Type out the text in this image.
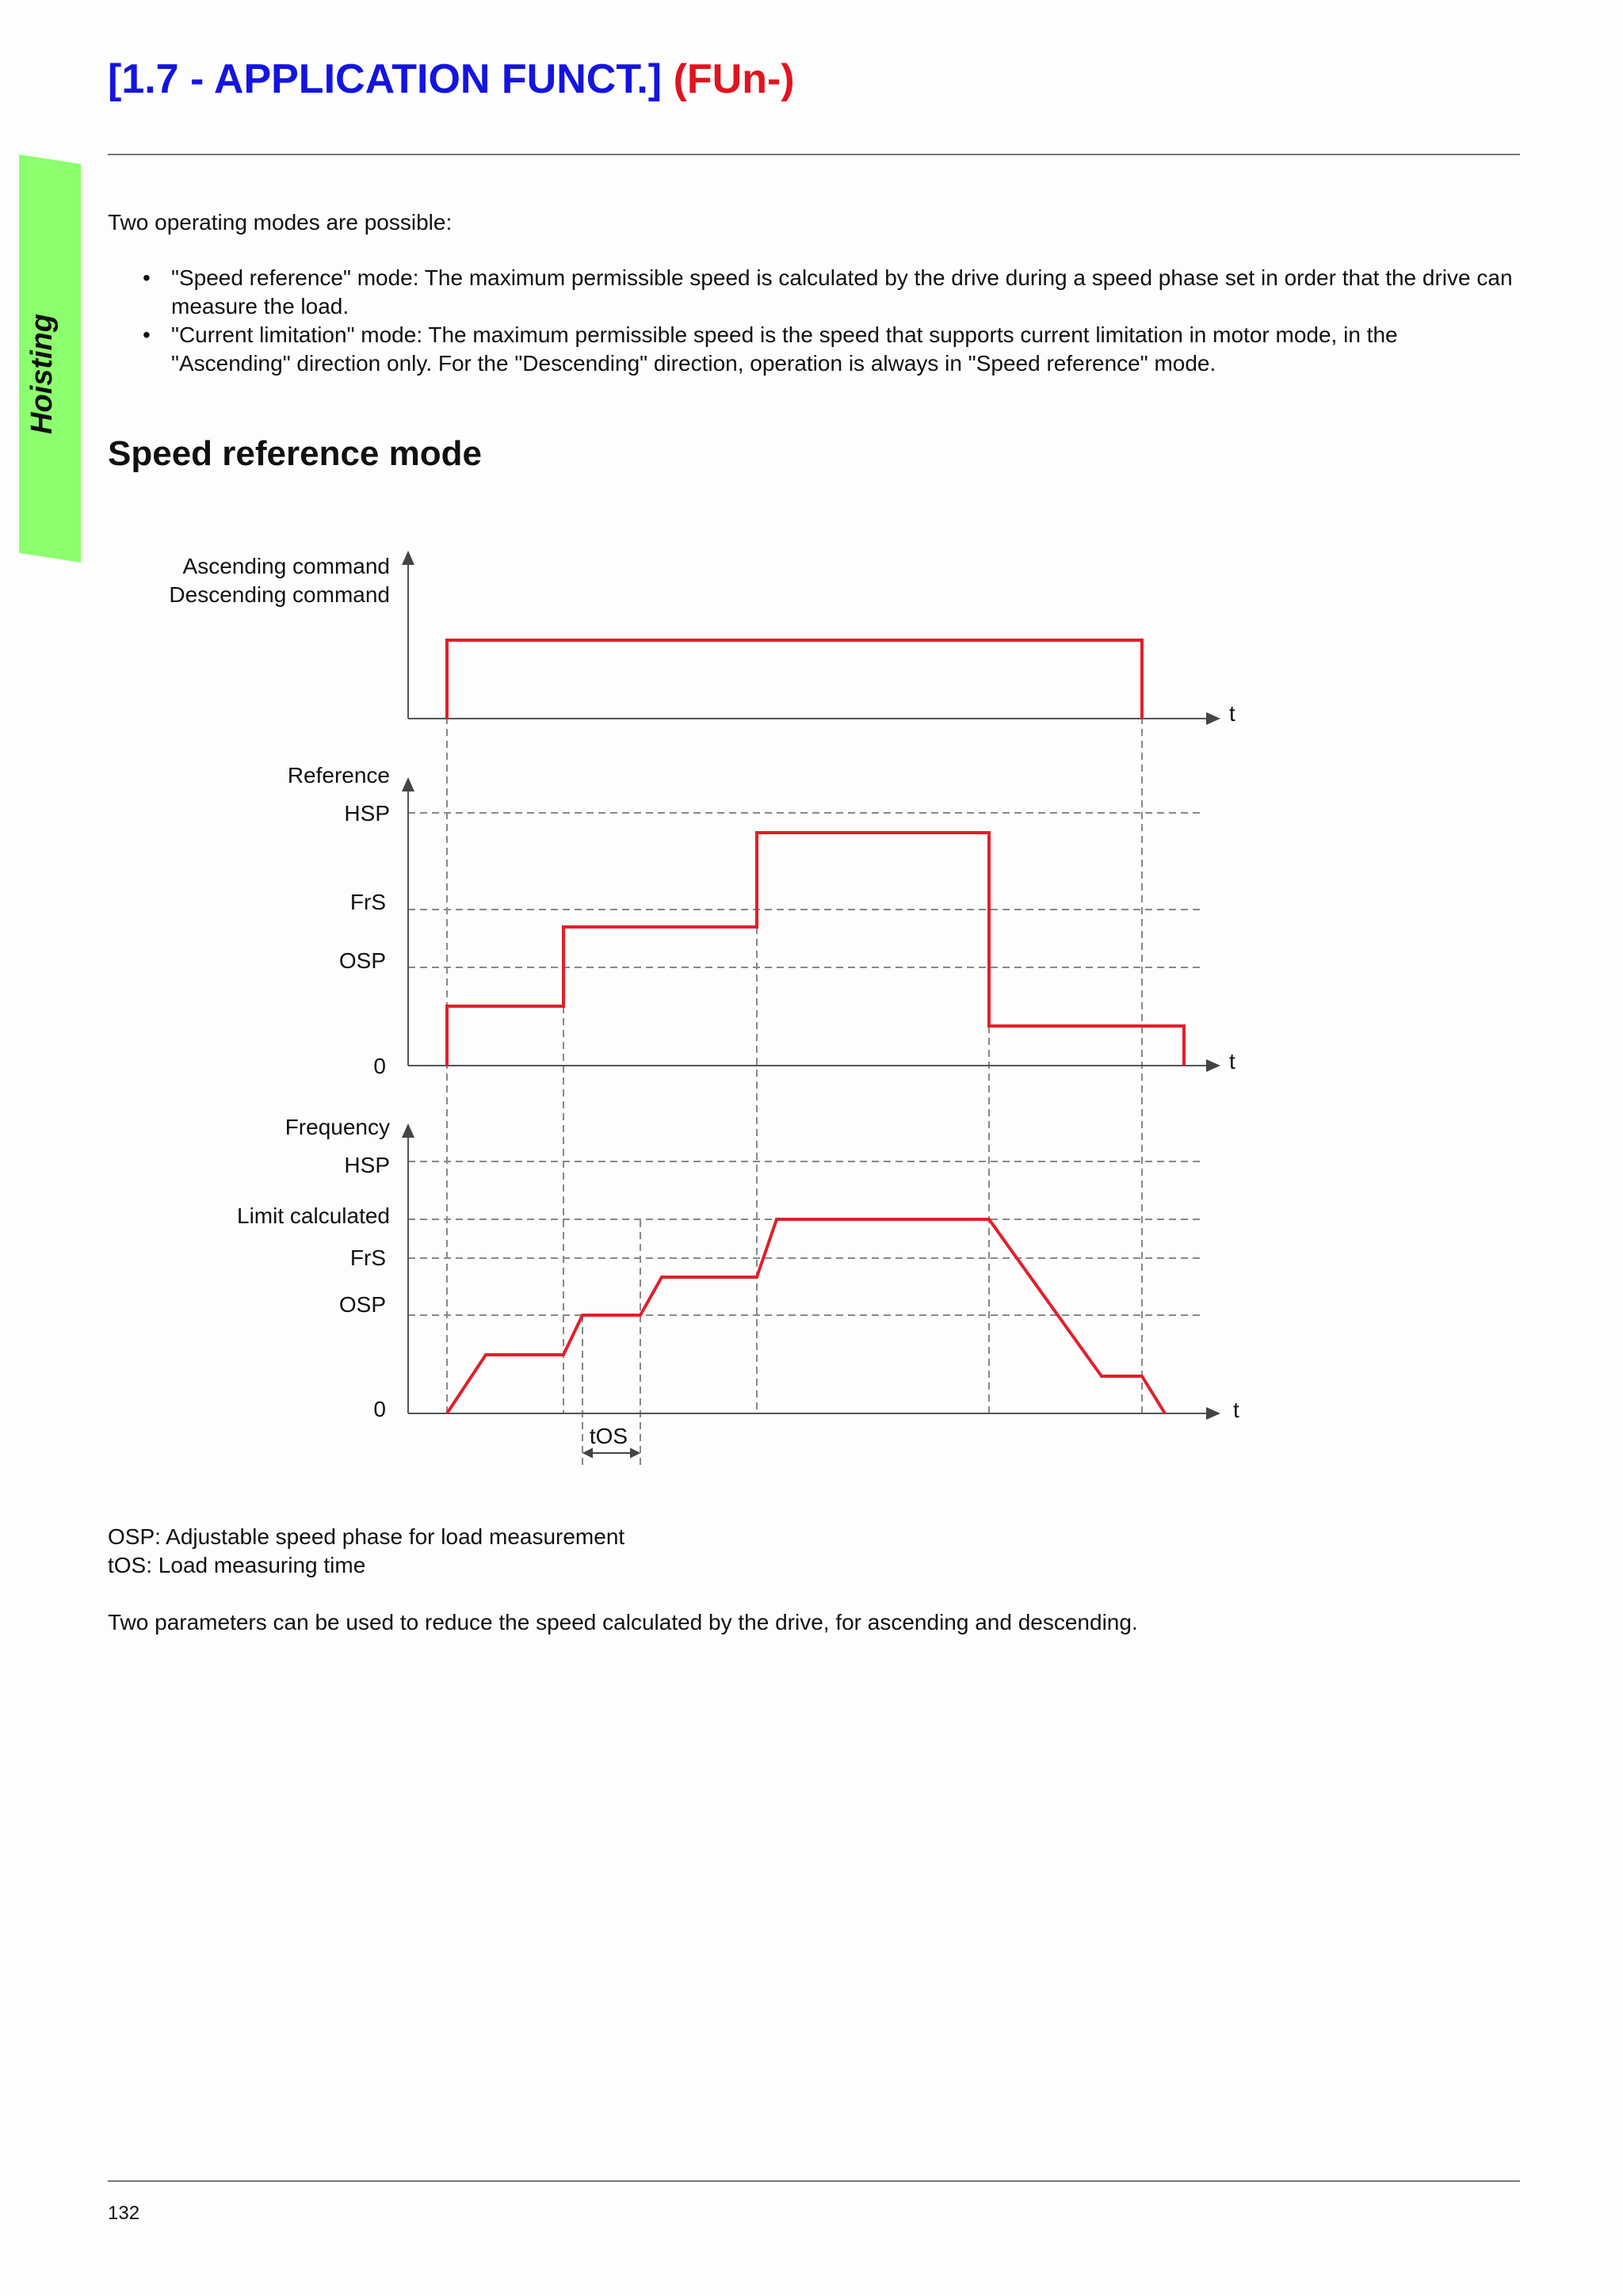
[1.7 - APPLICATION FUNCT.] (FUn-)
Hoisting
Two operating modes are possible:
• "Speed reference" mode: The maximum permissible speed is calculated by the drive during a speed phase set in order that the drive can measure the load.
• "Current limitation" mode: The maximum permissible speed is the speed that supports current limitation in motor mode, in the "Ascending" direction only. For the "Descending" direction, operation is always in "Speed reference" mode.
Speed reference mode
Ascending command
Descending command
t
Reference
HSP
FrS
OSP
0	t
Frequency
HSP
Limit calculated
FrS
OSP
0	t
tOS
OSP: Adjustable speed phase for load measurement
tOS: Load measuring time
Two parameters can be used to reduce the speed calculated by the drive, for ascending and descending.
132
